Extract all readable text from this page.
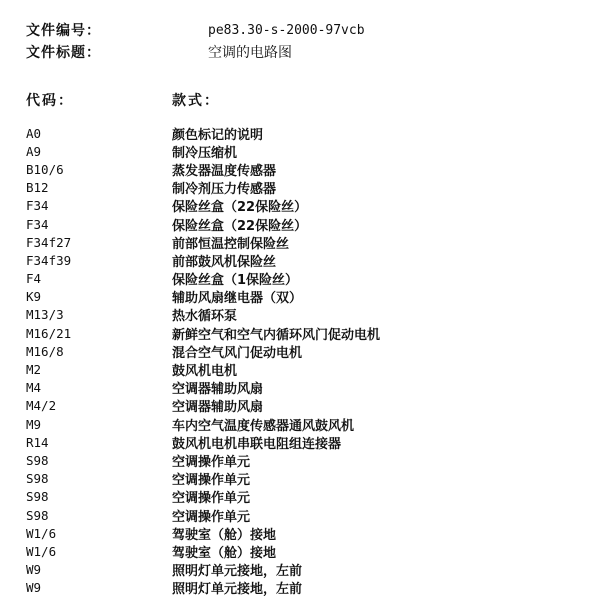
文件编号：	pe83.30-s-2000-97vcb
文件标题：	空调的电路图
代码：	款式：
A0	颜色标记的说明
A9	制冷压缩机
B10/6	蒸发器温度传感器
B12	制冷剂压力传感器
F34	保险丝盒（22保险丝）
F34	保险丝盒（22保险丝）
F34f27	前部恒温控制保险丝
F34f39	前部鼓风机保险丝
F4	保险丝盒（1保险丝）
K9	辅助风扇继电器（双）
M13/3	热水循环泵
M16/21	新鲜空气和空气内循环风门促动电机
M16/8	混合空气风门促动电机
M2	鼓风机电机
M4	空调器辅助风扇
M4/2	空调器辅助风扇
M9	车内空气温度传感器通风鼓风机
R14	鼓风机电机串联电阻组连接器
S98	空调操作单元
S98	空调操作单元
S98	空调操作单元
S98	空调操作单元
W1/6	驾驶室（舱）接地
W1/6	驾驶室（舱）接地
W9	照明灯单元接地，左前
W9	照明灯单元接地，左前
